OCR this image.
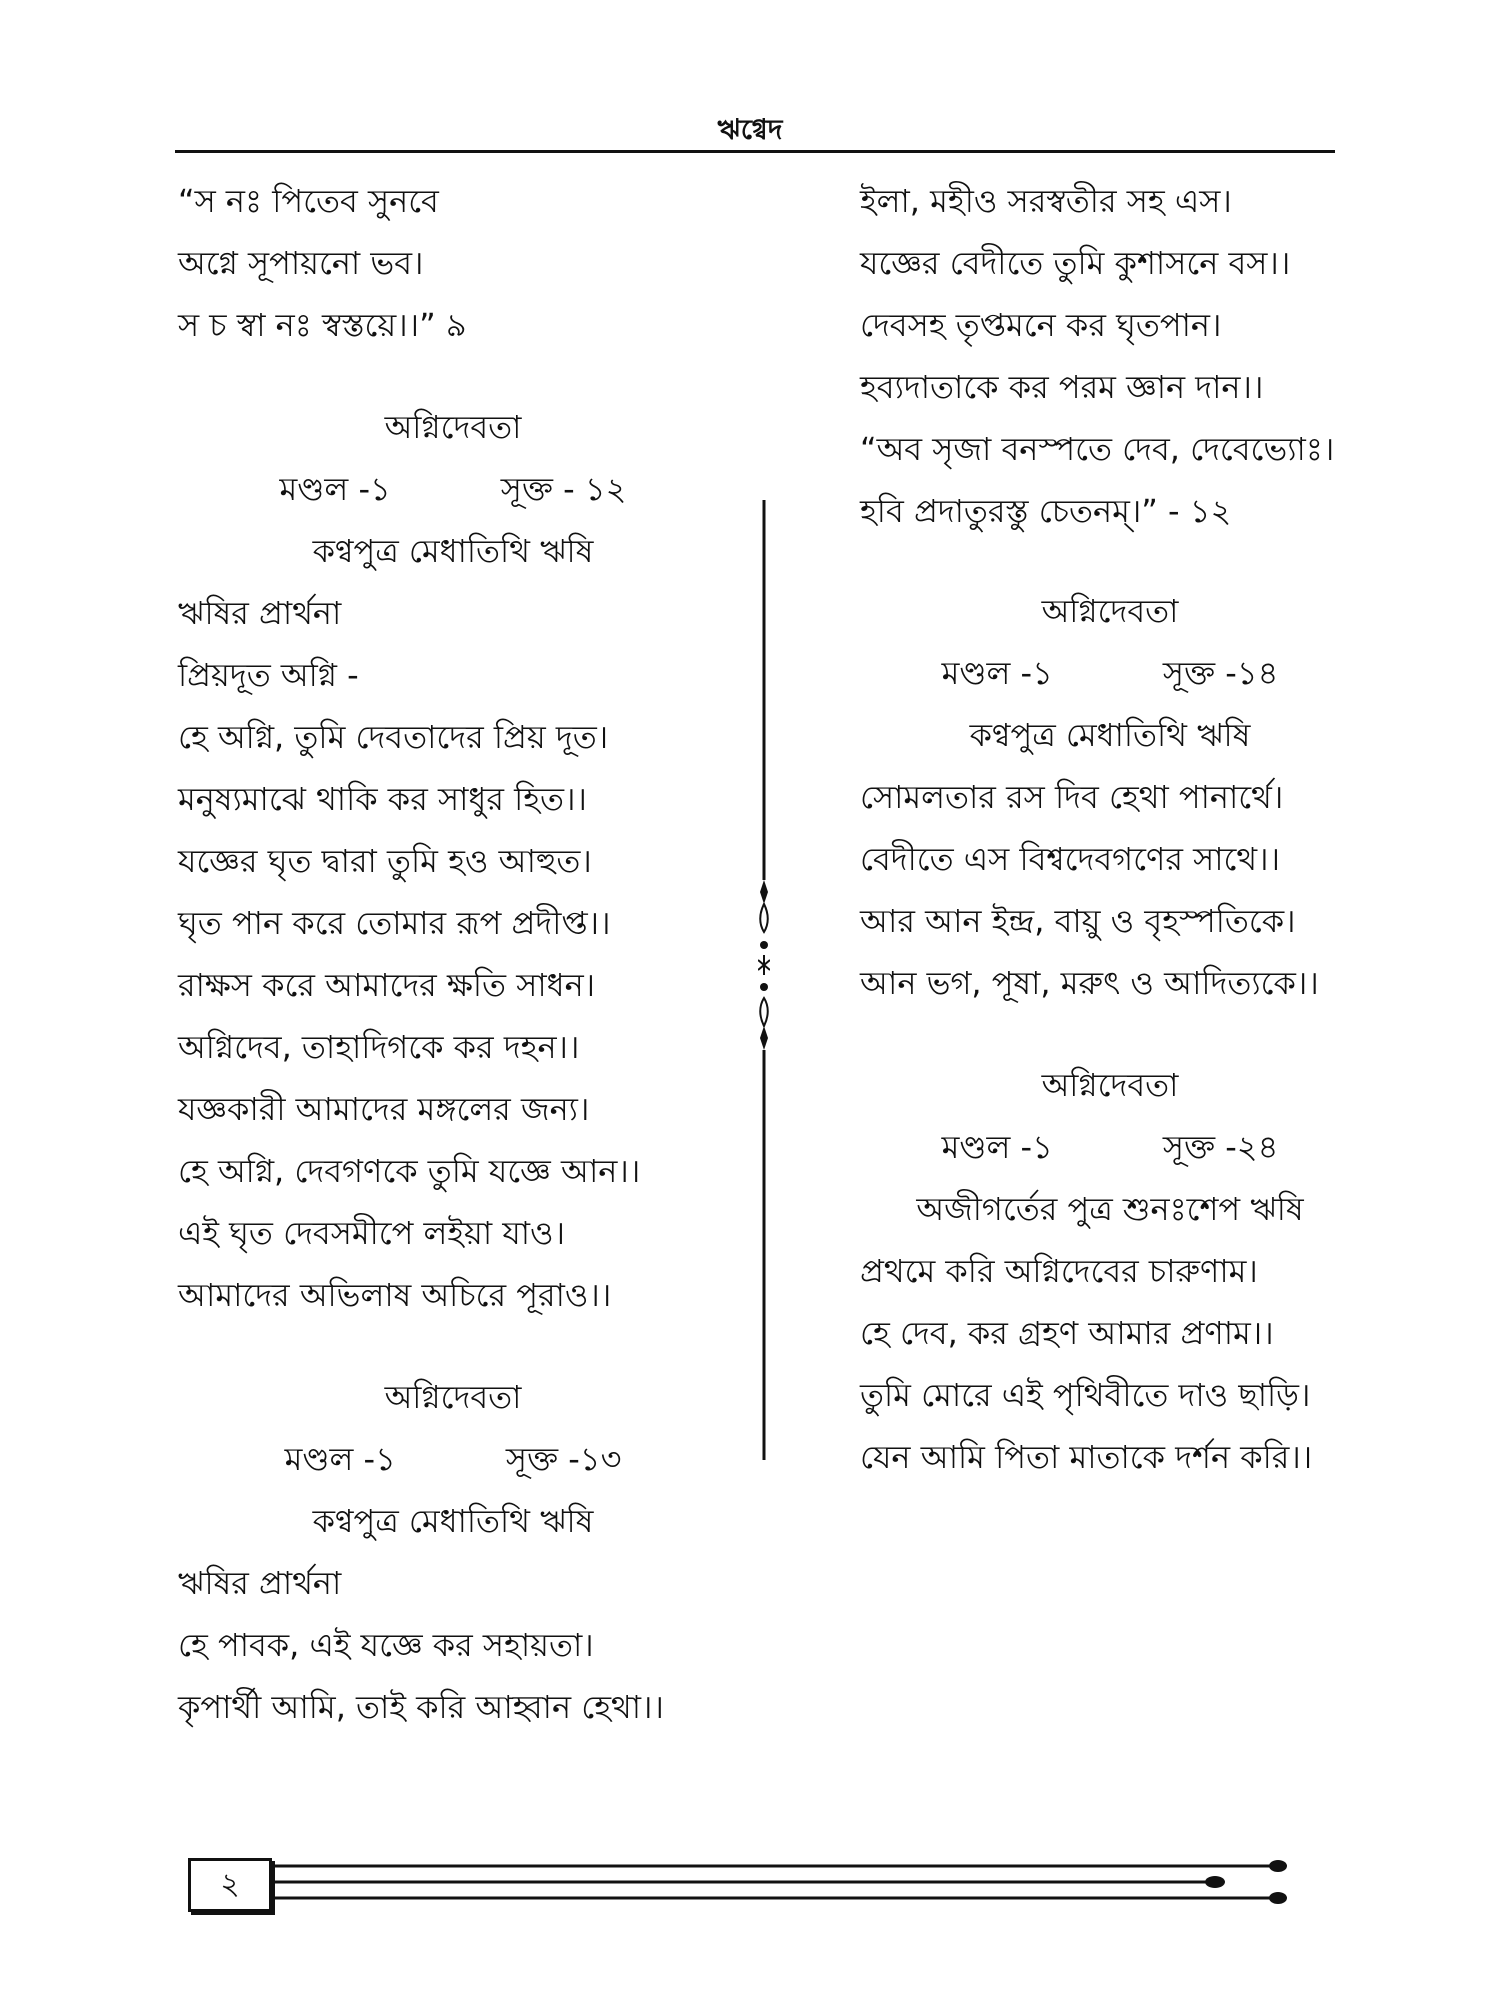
ঋগ্বেদ
“স নঃ পিতেব সুনবে
অগ্নে সূপায়নো ভব।
স চ স্বা নঃ স্বস্তয়ে।।” ৯
অগ্নিদেবতা
মণ্ডল -১	সূক্ত - ১২
কণ্বপুত্র মেধাতিথি ঋষি
ঋষির প্রার্থনা
প্রিয়দূত অগ্নি -
হে অগ্নি, তুমি দেবতাদের প্রিয় দূত।
মনুষ্যমাঝে থাকি কর সাধুর হিত।।
যজ্ঞের ঘৃত দ্বারা তুমি হও আহুত।
ঘৃত পান করে তোমার রূপ প্রদীপ্ত।।
রাক্ষস করে আমাদের ক্ষতি সাধন।
অগ্নিদেব, তাহাদিগকে কর দহন।।
যজ্ঞকারী আমাদের মঙ্গলের জন্য।
হে অগ্নি, দেবগণকে তুমি যজ্ঞে আন।।
এই ঘৃত দেবসমীপে লইয়া যাও।
আমাদের অভিলাষ অচিরে পূরাও।।
অগ্নিদেবতা
মণ্ডল -১	সূক্ত -১৩
কণ্বপুত্র মেধাতিথি ঋষি
ঋষির প্রার্থনা
হে পাবক, এই যজ্ঞে কর সহায়তা।
কৃপার্থী আমি, তাই করি আহ্বান হেথা।।
ইলা, মহীও সরস্বতীর সহ এস।
যজ্ঞের বেদীতে তুমি কুশাসনে বস।।
দেবসহ তৃপ্তমনে কর ঘৃতপান।
হব্যদাতাকে কর পরম জ্ঞান দান।।
“অব সৃজা বনস্পতে দেব, দেবেভ্যোঃ।
হবি প্রদাতুরস্তু চেতনম্।” - ১২
অগ্নিদেবতা
মণ্ডল -১	সূক্ত -১৪
কণ্বপুত্র মেধাতিথি ঋষি
সোমলতার রস দিব হেথা পানার্থে।
বেদীতে এস বিশ্বদেবগণের সাথে।।
আর আন ইন্দ্র, বায়ু ও বৃহস্পতিকে।
আন ভগ, পূষা, মরুৎ ও আদিত্যকে।।
অগ্নিদেবতা
মণ্ডল -১	সূক্ত -২৪
অজীগর্তের পুত্র শুনঃশেপ ঋষি
প্রথমে করি অগ্নিদেবের চারুণাম।
হে দেব, কর গ্রহণ আমার প্রণাম।।
তুমি মোরে এই পৃথিবীতে দাও ছাড়ি।
যেন আমি পিতা মাতাকে দর্শন করি।।
২
